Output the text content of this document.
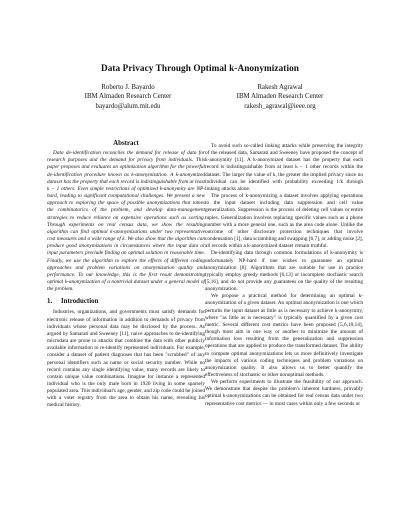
Data Privacy Through Optimal k-Anonymization
Roberto J. Bayardo
IBM Almaden Research Center
bayardo@alum.mit.edu
Rakesh Agrawal
IBM Almaden Research Center
rakesh_agrawal@ieee.org
Abstract

Data de-identification reconciles the demand for release of data for research purposes and the demand for privacy from individuals. This paper proposes and evaluates an optimization algorithm for the powerful de-identification procedure known as k-anonymization. A k-anonymized dataset has the property that each record is indistinguishable from at least k − 1 others. Even simple restrictions of optimized k-anonymity are NP-hard, leading to significant computational challenges. We present a new approach to exploring the space of possible anonymizations that tames the combinatorics of the problem, and develop data-management strategies to reduce reliance on expensive operations such as sorting. Through experiments on real census data, we show the resulting algorithm can find optimal k-anonymizations under two representative cost measures and a wide range of k. We also show that the algorithm can produce good anonymizations in circumstances where the input data or input parameters preclude finding an optimal solution in reasonable time. Finally, we use the algorithm to explore the effects of different coding approaches and problem variations on anonymization quality and performance. To our knowledge, this is the first result demonstrating optimal k-anonymization of a nontrivial dataset under a general model of the problem.

1. Introduction

Industries, organizations, and governments must satisfy demands for electronic release of information in addition to demands of privacy from individuals whose personal data may be disclosed by the process. As argued by Samarati and Sweeney [11], naive approaches to de-identifying microdata are prone to attacks that combine the data with other publicly available information to re-identify represented individuals. For example, consider a dataset of patient diagnoses that has been "scrubbed" of any personal identifiers such as name or social security number. While no record contains any single identifying value, many records are likely to contain unique value combinations. Imagine for instance a represented individual who is the only male born in 1920 living in some sparsely populated area. This individual's age, gender, and zip code could be joined with a voter registry from the area to obtain his name, revealing his medical history.

To avoid such so-called linking attacks while preserving the integrity of the released data, Samarati and Sweeney have proposed the concept of k-anonymity [11]. A k-anonymized dataset has the property that each record is indistinguishable from at least k − 1 other records within the dataset. The larger the value of k, the greater the implied privacy since no individual can be identified with probability exceeding 1/k through linking attacks alone.

The process of k-anonymizing a dataset involves applying operations to the input dataset including data suppression and cell value generalization. Suppression is the process of deleting cell values or entire tuples. Generalization involves replacing specific values such as a phone number with a more general one, such as the area code alone. Unlike the outcome of other disclosure protection techniques that involve condensation [1], data scrambling and swapping [6,7], or adding noise [2], all records within a k-anonymized dataset remain truthful.

De-identifying data through common formulations of k-anonymity is unfortunately NP-hard if one wishes to guarantee an optimal anonymization [8]. Algorithms that are suitable for use in practice typically employ greedy methods [6,13] or incomplete stochastic search [5,16], and do not provide any guarantees on the quality of the resulting anonymization.

We propose a practical method for determining an optimal k-anonymization of a given dataset. An optimal anonymization is one which perturbs the input dataset as little as is necessary to achieve k-anonymity, where "as little as is necessary" is typically quantified by a given cost metric. Several different cost metrics have been proposed [5,6,10,14], though most aim in one way or another to minimize the amount of information loss resulting from the generalization and suppression operations that are applied to produce the transformed dataset. The ability to compute optimal anonymizations lets us more definitively investigate the impacts of various coding techniques and problem variations on anonymization quality. It also allows us to better quantify the effectiveness of stochastic or other nonoptimal methods.

We perform experiments to illustrate the feasibility of our approach. We demonstrate that despite the problem's inherent hardness, provably optimal k-anonymizations can be obtained for real census data under two representative cost metrics — in most cases within only a few seconds or
